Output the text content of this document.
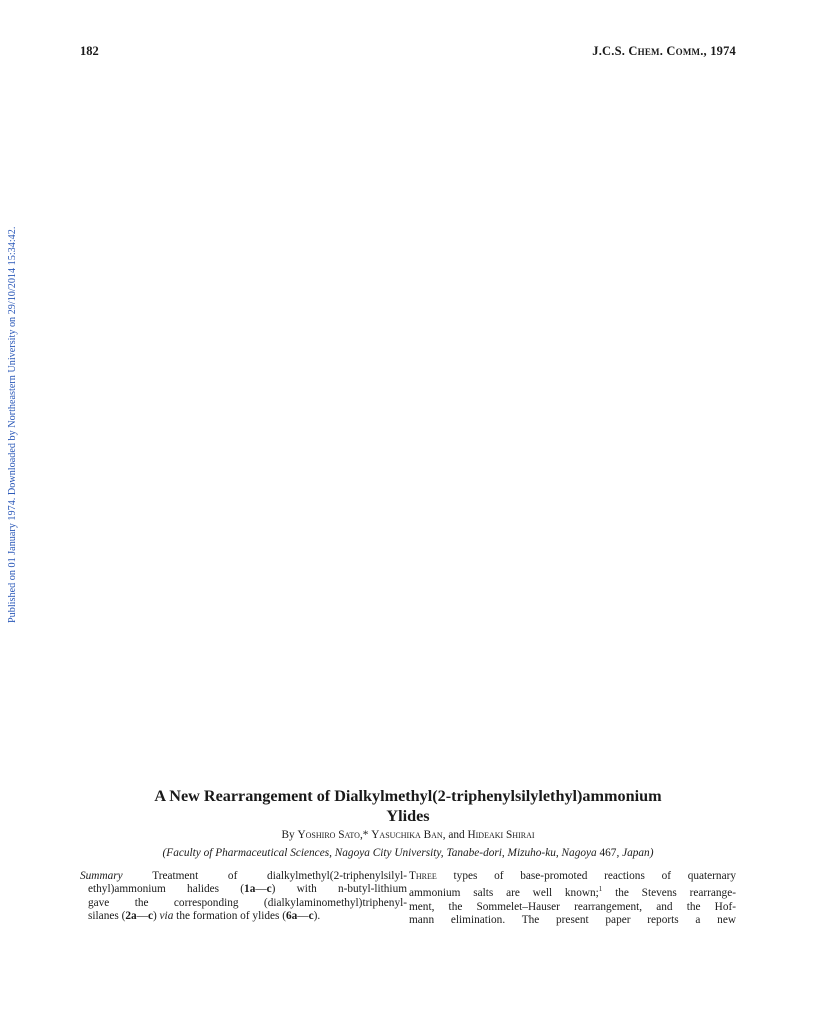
182	J.C.S. Chem. Comm., 1974
Published on 01 January 1974. Downloaded by Northeastern University on 29/10/2014 15:34:42.
A New Rearrangement of Dialkylmethyl(2-triphenylsilylethyl)ammonium
Ylides
By Yoshiro Sato,* Yasuchika Ban, and Hideaki Shirai
(Faculty of Pharmaceutical Sciences, Nagoya City University, Tanabe-dori, Mizuho-ku, Nagoya 467, Japan)
Summary Treatment of dialkylmethyl(2-triphenylsilyl-
ethyl)ammonium halides (1a—c) with n-butyl-lithium
gave the corresponding (dialkylaminomethyl)triphenyl-
silanes (2a—c) via the formation of ylides (6a—c).
Three types of base-promoted reactions of quaternary
ammonium salts are well known;$^1$ the Stevens rearrange-
ment, the Sommelet–Hauser rearrangement, and the Hof-
mann elimination. The present paper reports a new
